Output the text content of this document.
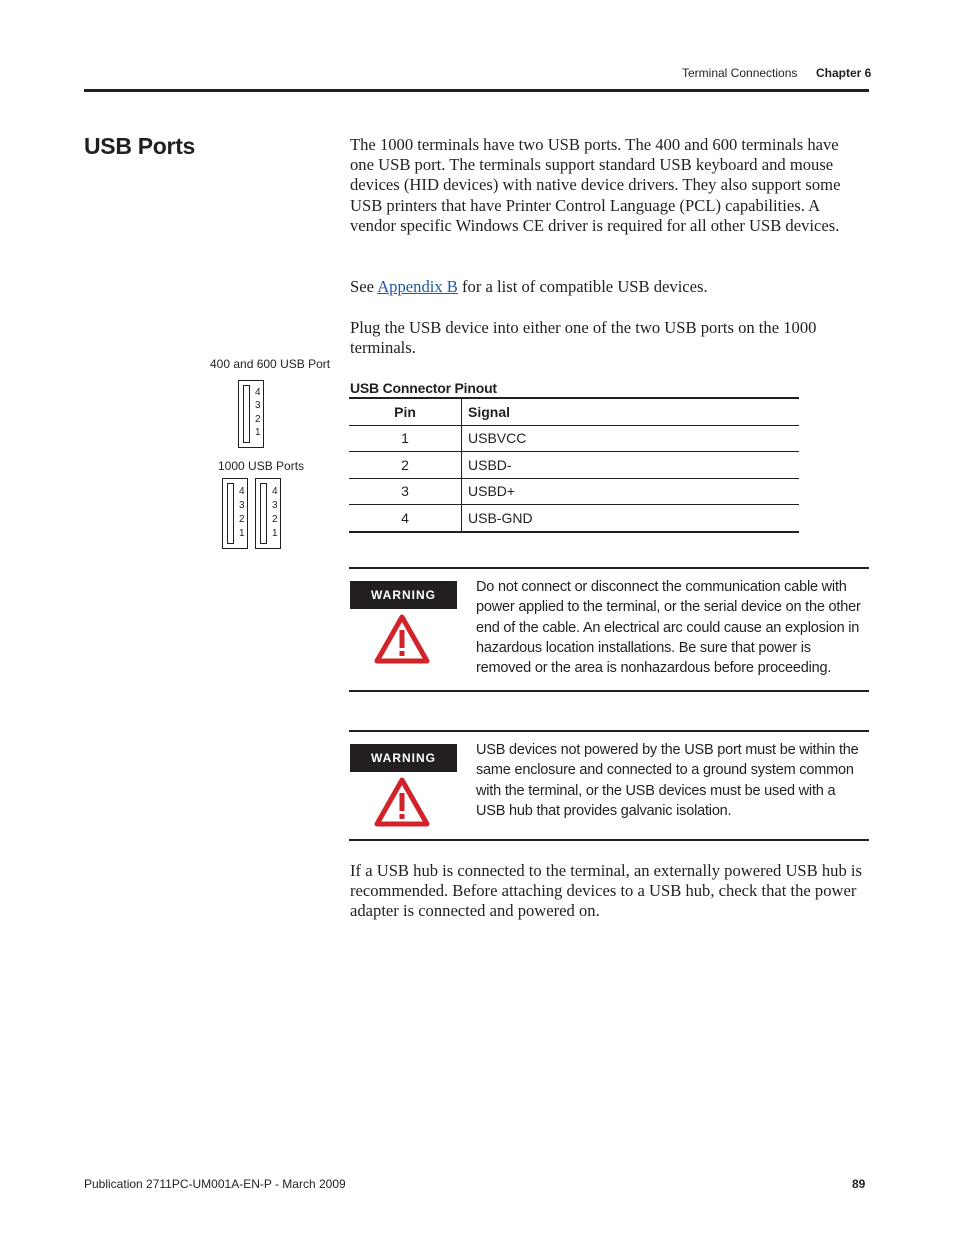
Terminal Connections Chapter 6
USB Ports	The 1000 terminals have two USB ports. The 400 and 600 terminals have one USB port. The terminals support standard USB keyboard and mouse devices (HID devices) with native device drivers. They also support some USB printers that have Printer Control Language (PCL) capabilities. A vendor specific Windows CE driver is required for all other USB devices.
See Appendix B for a list of compatible USB devices.
Plug the USB device into either one of the two USB ports on the 1000 terminals.
400 and 600 USB Port
4
3
2
1
1000 USB Ports
4
3
2
1
4
3
2
1
USB Connector Pinout
Pin	Signal
1	USBVCC
2	USBD-
3	USBD+
4	USB-GND
WARNING	Do not connect or disconnect the communication cable with power applied to the terminal, or the serial device on the other end of the cable. An electrical arc could cause an explosion in hazardous location installations. Be sure that power is removed or the area is nonhazardous before proceeding.
WARNING	USB devices not powered by the USB port must be within the same enclosure and connected to a ground system common with the terminal, or the USB devices must be used with a USB hub that provides galvanic isolation.
If a USB hub is connected to the terminal, an externally powered USB hub is recommended. Before attaching devices to a USB hub, check that the power adapter is connected and powered on.
Publication 2711PC-UM001A-EN-P - March 2009	89
